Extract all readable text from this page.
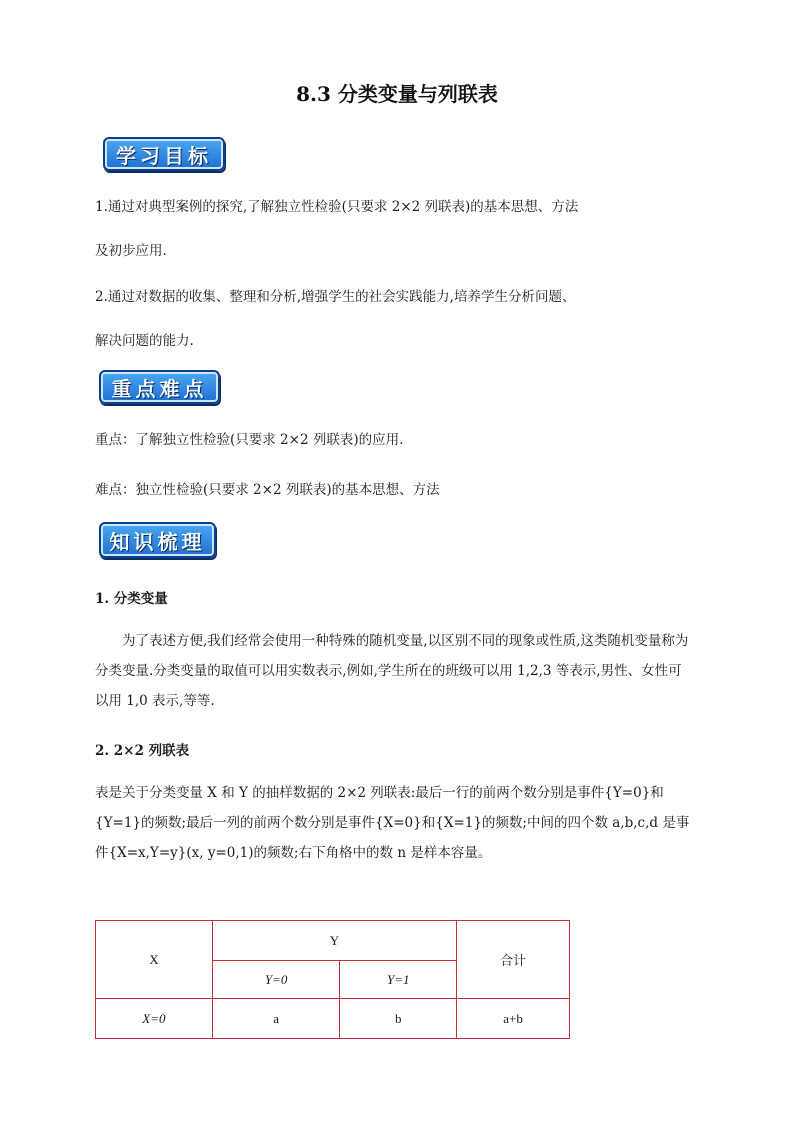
8.3 分类变量与列联表
学习目标
1.通过对典型案例的探究,了解独立性检验(只要求 2×2 列联表)的基本思想、方法
及初步应用.
2.通过对数据的收集、整理和分析,增强学生的社会实践能力,培养学生分析问题、
解决问题的能力.
重点难点
重点：了解独立性检验(只要求 2×2 列联表)的应用.
难点：独立性检验(只要求 2×2 列联表)的基本思想、方法
知识梳理
1. 分类变量
为了表述方便,我们经常会使用一种特殊的随机变量,以区别不同的现象或性质,这类随机变量称为分类变量.分类变量的取值可以用实数表示,例如,学生所在的班级可以用 1,2,3 等表示,男性、女性可以用 1,0 表示,等等.
2. 2×2 列联表
表是关于分类变量 X 和 Y 的抽样数据的 2×2 列联表:最后一行的前两个数分别是事件{Y=0}和{Y=1}的频数;最后一列的前两个数分别是事件{X=0}和{X=1}的频数;中间的四个数 a,b,c,d 是事件{X=x,Y=y}(x, y=0,1)的频数;右下角格中的数 n 是样本容量。
X	Y		合计
	Y=0	Y=1	
X=0	a	b	a+b
